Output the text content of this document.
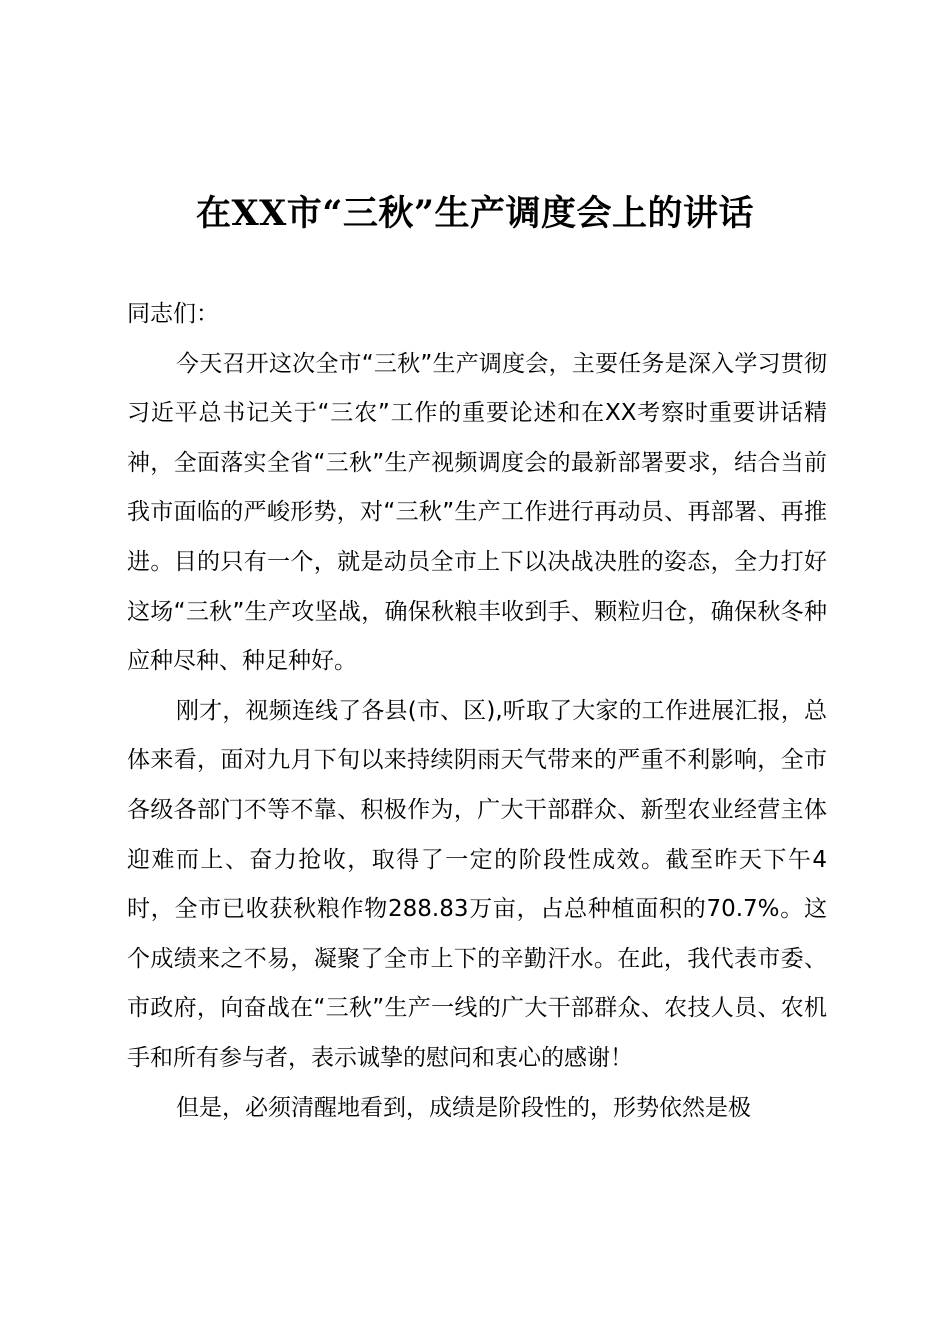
在XX市“三秋”生产调度会上的讲话

同志们：

今天召开这次全市“三秋”生产调度会，主要任务是深入学习贯彻习近平总书记关于“三农”工作的重要论述和在XX考察时重要讲话精神，全面落实全省“三秋”生产视频调度会的最新部署要求，结合当前我市面临的严峻形势，对“三秋”生产工作进行再动员、再部署、再推进。目的只有一个，就是动员全市上下以决战决胜的姿态，全力打好这场“三秋”生产攻坚战，确保秋粮丰收到手、颗粒归仓，确保秋冬种应种尽种、种足种好。

刚才，视频连线了各县(市、区),听取了大家的工作进展汇报，总体来看，面对九月下旬以来持续阴雨天气带来的严重不利影响，全市各级各部门不等不靠、积极作为，广大干部群众、新型农业经营主体迎难而上、奋力抢收，取得了一定的阶段性成效。截至昨天下午4时，全市已收获秋粮作物288.83万亩，占总种植面积的70.7%。这个成绩来之不易，凝聚了全市上下的辛勤汗水。在此，我代表市委、市政府，向奋战在“三秋”生产一线的广大干部群众、农技人员、农机手和所有参与者，表示诚挚的慰问和衷心的感谢！

但是，必须清醒地看到，成绩是阶段性的，形势依然是极
